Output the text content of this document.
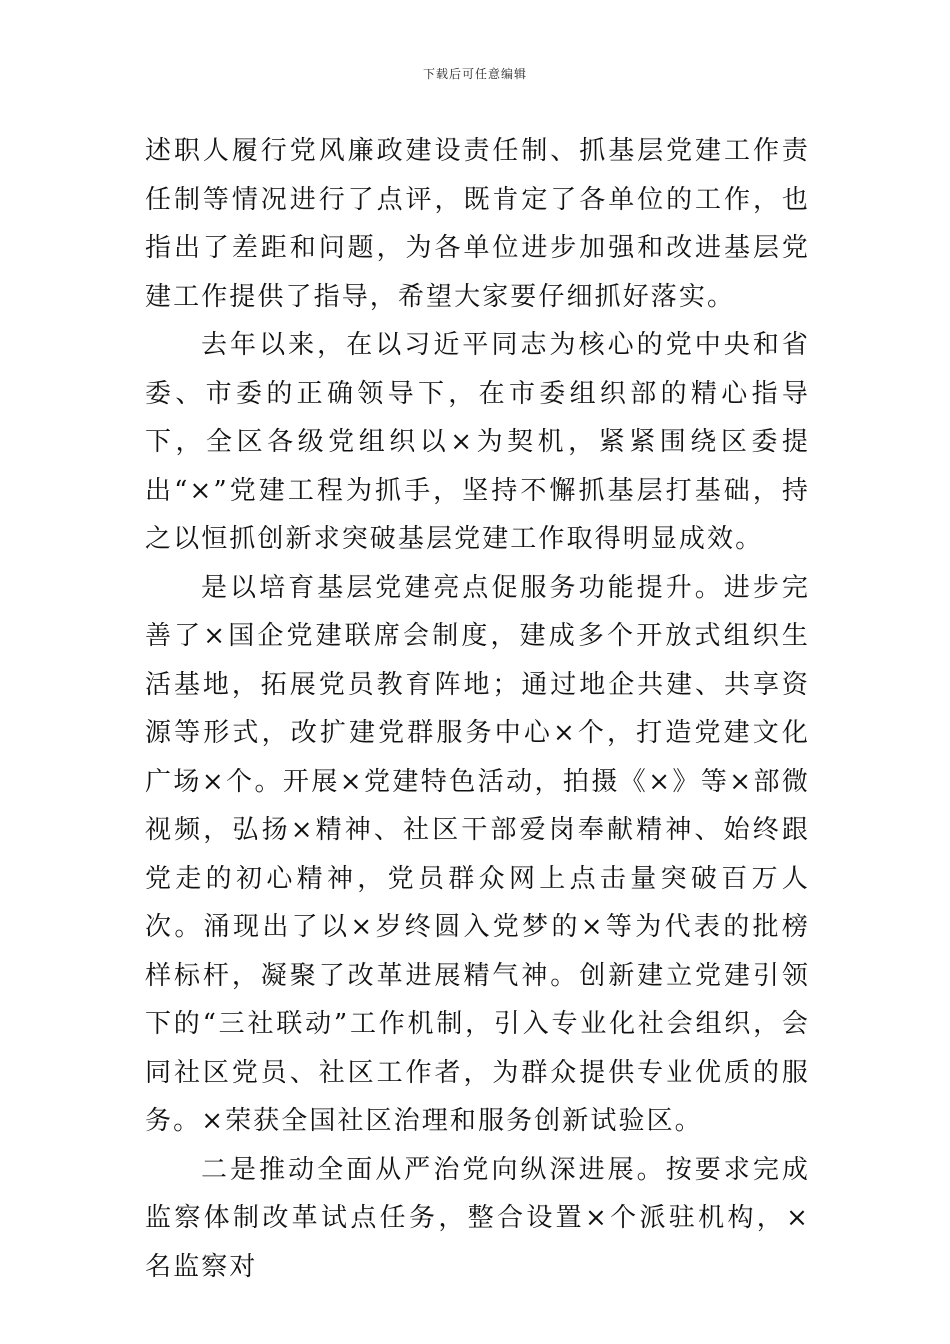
下载后可任意编辑

述职人履行党风廉政建设责任制、抓基层党建工作责任制等情况进行了点评，既肯定了各单位的工作，也指出了差距和问题，为各单位进步加强和改进基层党建工作提供了指导，希望大家要仔细抓好落实。

去年以来，在以习近平同志为核心的党中央和省委、市委的正确领导下，在市委组织部的精心指导下，全区各级党组织以×为契机，紧紧围绕区委提出“×”党建工程为抓手，坚持不懈抓基层打基础，持之以恒抓创新求突破基层党建工作取得明显成效。

是以培育基层党建亮点促服务功能提升。进步完善了×国企党建联席会制度，建成多个开放式组织生活基地，拓展党员教育阵地；通过地企共建、共享资源等形式，改扩建党群服务中心×个，打造党建文化广场×个。开展×党建特色活动，拍摄《×》等×部微视频，弘扬×精神、社区干部爱岗奉献精神、始终跟党走的初心精神，党员群众网上点击量突破百万人次。涌现出了以×岁终圆入党梦的×等为代表的批榜样标杆，凝聚了改革进展精气神。创新建立党建引领下的“三社联动”工作机制，引入专业化社会组织，会同社区党员、社区工作者，为群众提供专业优质的服务。×荣获全国社区治理和服务创新试验区。

二是推动全面从严治党向纵深进展。按要求完成监察体制改革试点任务，整合设置×个派驻机构，×名监察对
